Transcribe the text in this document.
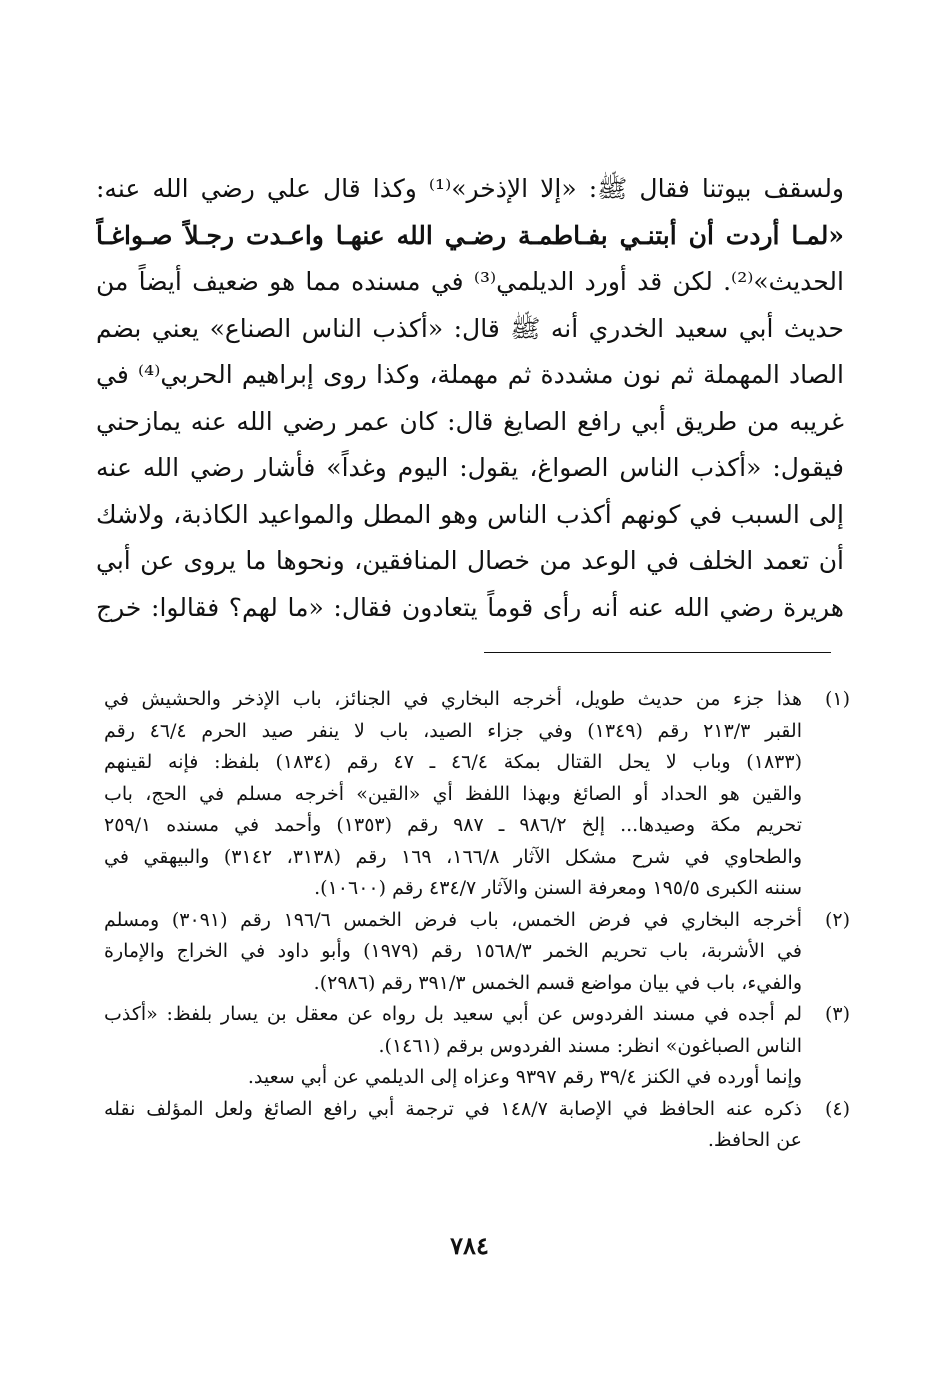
ولسقف بيوتنا فقال ﷺ: «إلا الإذخر»⁽¹⁾ وكذا قال علي رضي الله عنه:
«لمـا أردت أن أبتنـي بفـاطمـة رضـي الله عنهـا واعـدت رجـلاً صـواغـاً
الحديث»⁽²⁾. لكن قد أورد الديلمي⁽³⁾ في مسنده مما هو ضعيف أيضاً من
حديث أبي سعيد الخدري أنه ﷺ قال: «أكذب الناس الصناع» يعني بضم
الصاد المهملة ثم نون مشددة ثم مهملة، وكذا روى إبراهيم الحربي⁽⁴⁾ في
غريبه من طريق أبي رافع الصايغ قال: كان عمر رضي الله عنه يمازحني
فيقول: «أكذب الناس الصواغ، يقول: اليوم وغداً» فأشار رضي الله عنه
إلى السبب في كونهم أكذب الناس وهو المطل والمواعيد الكاذبة، ولاشك
أن تعمد الخلف في الوعد من خصال المنافقين، ونحوها ما يروى عن أبي
هريرة رضي الله عنه أنه رأى قوماً يتعادون فقال: «ما لهم؟ فقالوا: خرج
(١)
هذا جزء من حديث طويل، أخرجه البخاري في الجنائز، باب الإذخر والحشيش في
القبر ٢١٣/٣ رقم (١٣٤٩) وفي جزاء الصيد، باب لا ينفر صيد الحرم ٤٦/٤ رقم
(١٨٣٣) وباب لا يحل القتال بمكة ٤٦/٤ ـ ٤٧ رقم (١٨٣٤) بلفظ: فإنه لقينهم
والقين هو الحداد أو الصائغ وبهذا اللفظ أي «القين» أخرجه مسلم في الحج، باب
تحريم مكة وصيدها... إلخ ٩٨٦/٢ ـ ٩٨٧ رقم (١٣٥٣) وأحمد في مسنده ٢٥٩/١
والطحاوي في شرح مشكل الآثار ١٦٦/٨، ١٦٩ رقم (٣١٣٨، ٣١٤٢) والبيهقي في
سننه الكبرى ١٩٥/٥ ومعرفة السنن والآثار ٤٣٤/٧ رقم (١٠٦٠٠).
(٢)
أخرجه البخاري في فرض الخمس، باب فرض الخمس ١٩٦/٦ رقم (٣٠٩١) ومسلم
في الأشربة، باب تحريم الخمر ١٥٦٨/٣ رقم (١٩٧٩) وأبو داود في الخراج والإمارة
والفيء، باب في بيان مواضع قسم الخمس ٣٩١/٣ رقم (٢٩٨٦).
(٣)
لم أجده في مسند الفردوس عن أبي سعيد بل رواه عن معقل بن يسار بلفظ: «أكذب
الناس الصباغون» انظر: مسند الفردوس برقم (١٤٦١).
وإنما أورده في الكنز ٣٩/٤ رقم ٩٣٩٧ وعزاه إلى الديلمي عن أبي سعيد.
(٤)
ذكره عنه الحافظ في الإصابة ١٤٨/٧ في ترجمة أبي رافع الصائغ ولعل المؤلف نقله
عن الحافظ.
٧٨٤
